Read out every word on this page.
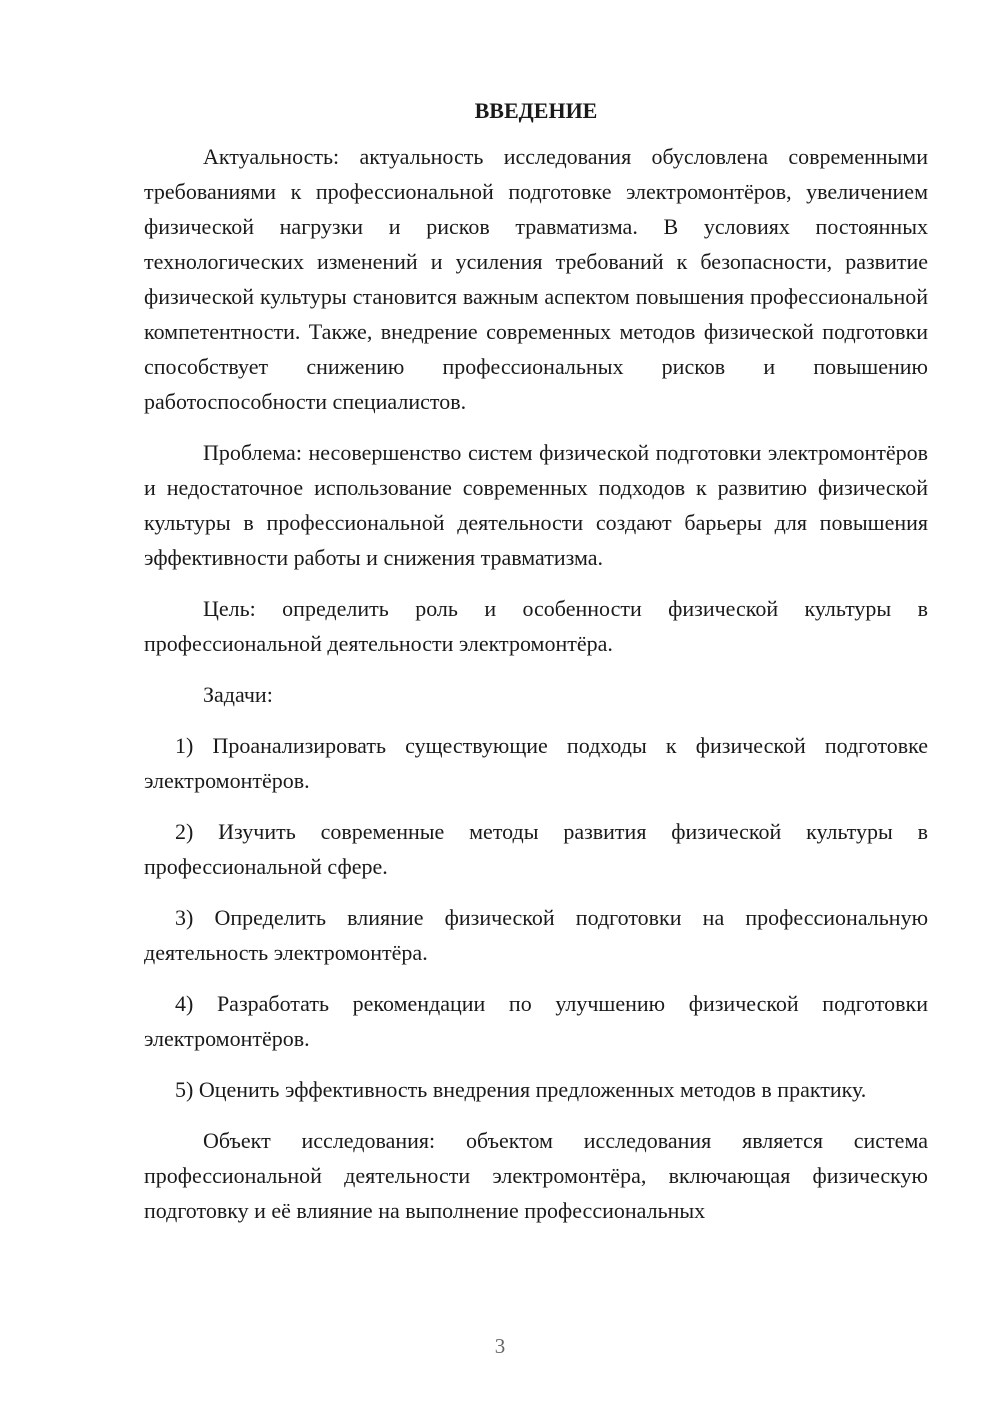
ВВЕДЕНИЕ

Актуальность: актуальность исследования обусловлена современными требованиями к профессиональной подготовке электромонтёров, увеличением физической нагрузки и рисков травматизма. В условиях постоянных технологических изменений и усиления требований к безопасности, развитие физической культуры становится важным аспектом повышения профессиональной компетентности. Также, внедрение современных методов физической подготовки способствует снижению профессиональных рисков и повышению работоспособности специалистов.

Проблема: несовершенство систем физической подготовки электромонтёров и недостаточное использование современных подходов к развитию физической культуры в профессиональной деятельности создают барьеры для повышения эффективности работы и снижения травматизма.

Цель: определить роль и особенности физической культуры в профессиональной деятельности электромонтёра.

Задачи:

1) Проанализировать существующие подходы к физической подготовке электромонтёров.

2) Изучить современные методы развития физической культуры в профессиональной сфере.

3) Определить влияние физической подготовки на профессиональную деятельность электромонтёра.

4) Разработать рекомендации по улучшению физической подготовки электромонтёров.

5) Оценить эффективность внедрения предложенных методов в практику.

Объект исследования: объектом исследования является система профессиональной деятельности электромонтёра, включающая физическую подготовку и её влияние на выполнение профессиональных

3
